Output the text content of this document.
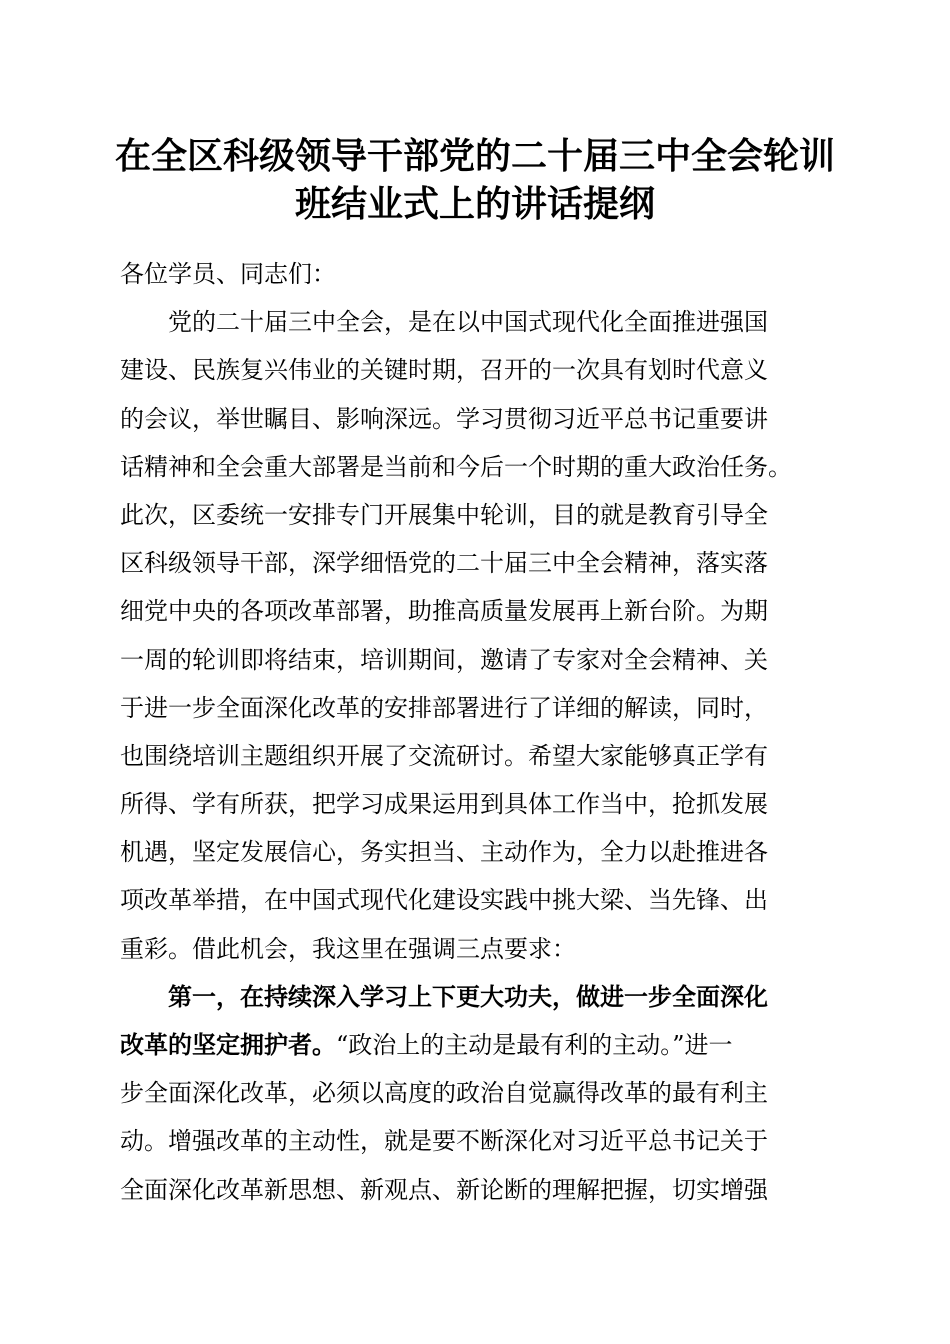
在全区科级领导干部党的二十届三中全会轮训
班结业式上的讲话提纲
各位学员、同志们：
党的二十届三中全会，是在以中国式现代化全面推进强国
建设、民族复兴伟业的关键时期，召开的一次具有划时代意义
的会议，举世瞩目、影响深远。学习贯彻习近平总书记重要讲
话精神和全会重大部署是当前和今后一个时期的重大政治任务。
此次，区委统一安排专门开展集中轮训，目的就是教育引导全
区科级领导干部，深学细悟党的二十届三中全会精神，落实落
细党中央的各项改革部署，助推高质量发展再上新台阶。为期
一周的轮训即将结束，培训期间，邀请了专家对全会精神、关
于进一步全面深化改革的安排部署进行了详细的解读，同时，
也围绕培训主题组织开展了交流研讨。希望大家能够真正学有
所得、学有所获，把学习成果运用到具体工作当中，抢抓发展
机遇，坚定发展信心，务实担当、主动作为，全力以赴推进各
项改革举措，在中国式现代化建设实践中挑大梁、当先锋、出
重彩。借此机会，我这里在强调三点要求：
第一，在持续深入学习上下更大功夫，做进一步全面深化
改革的坚定拥护者。“政治上的主动是最有利的主动。”进一
步全面深化改革，必须以高度的政治自觉赢得改革的最有利主
动。增强改革的主动性，就是要不断深化对习近平总书记关于
全面深化改革新思想、新观点、新论断的理解把握，切实增强
